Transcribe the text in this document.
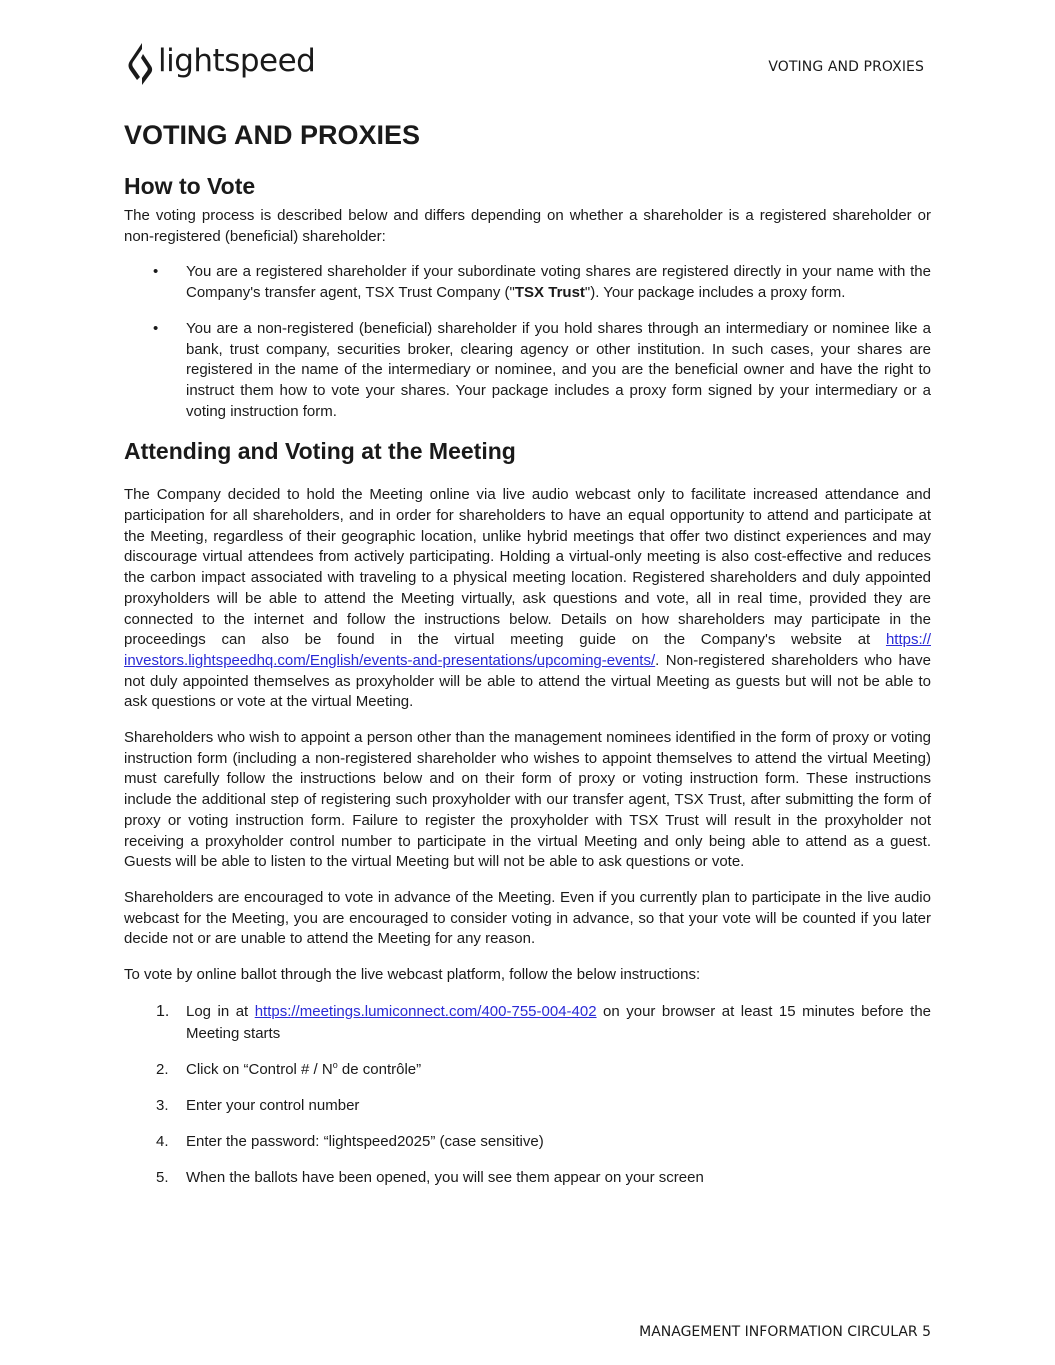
lightspeed	VOTING AND PROXIES
VOTING AND PROXIES
How to Vote

The voting process is described below and differs depending on whether a shareholder is a registered shareholder or non-registered (beneficial) shareholder:

• You are a registered shareholder if your subordinate voting shares are registered directly in your name with the Company's transfer agent, TSX Trust Company ("TSX Trust"). Your package includes a proxy form.
• You are a non-registered (beneficial) shareholder if you hold shares through an intermediary or nominee like a bank, trust company, securities broker, clearing agency or other institution. In such cases, your shares are registered in the name of the intermediary or nominee, and you are the beneficial owner and have the right to instruct them how to vote your shares. Your package includes a proxy form signed by your intermediary or a voting instruction form.
Attending and Voting at the Meeting

The Company decided to hold the Meeting online via live audio webcast only to facilitate increased attendance and participation for all shareholders, and in order for shareholders to have an equal opportunity to attend and participate at the Meeting, regardless of their geographic location, unlike hybrid meetings that offer two distinct experiences and may discourage virtual attendees from actively participating. Holding a virtual-only meeting is also cost-effective and reduces the carbon impact associated with traveling to a physical meeting location. Registered shareholders and duly appointed proxyholders will be able to attend the Meeting virtually, ask questions and vote, all in real time, provided they are connected to the internet and follow the instructions below. Details on how shareholders may participate in the proceedings can also be found in the virtual meeting guide on the Company's website at https:// investors.lightspeedhq.com/English/events-and-presentations/upcoming-events/. Non-registered shareholders who have not duly appointed themselves as proxyholder will be able to attend the virtual Meeting as guests but will not be able to ask questions or vote at the virtual Meeting.

Shareholders who wish to appoint a person other than the management nominees identified in the form of proxy or voting instruction form (including a non-registered shareholder who wishes to appoint themselves to attend the virtual Meeting) must carefully follow the instructions below and on their form of proxy or voting instruction form. These instructions include the additional step of registering such proxyholder with our transfer agent, TSX Trust, after submitting the form of proxy or voting instruction form. Failure to register the proxyholder with TSX Trust will result in the proxyholder not receiving a proxyholder control number to participate in the virtual Meeting and only being able to attend as a guest. Guests will be able to listen to the virtual Meeting but will not be able to ask questions or vote.

Shareholders are encouraged to vote in advance of the Meeting. Even if you currently plan to participate in the live audio webcast for the Meeting, you are encouraged to consider voting in advance, so that your vote will be counted if you later decide not or are unable to attend the Meeting for any reason.

To vote by online ballot through the live webcast platform, follow the below instructions:

1. Log in at https://meetings.lumiconnect.com/400-755-004-402 on your browser at least 15 minutes before the Meeting starts
2. Click on “Control # / $N^o$ de contrôle”
3. Enter your control number
4. Enter the password: “lightspeed2025” (case sensitive)
5. When the ballots have been opened, you will see them appear on your screen
MANAGEMENT INFORMATION CIRCULAR 5
